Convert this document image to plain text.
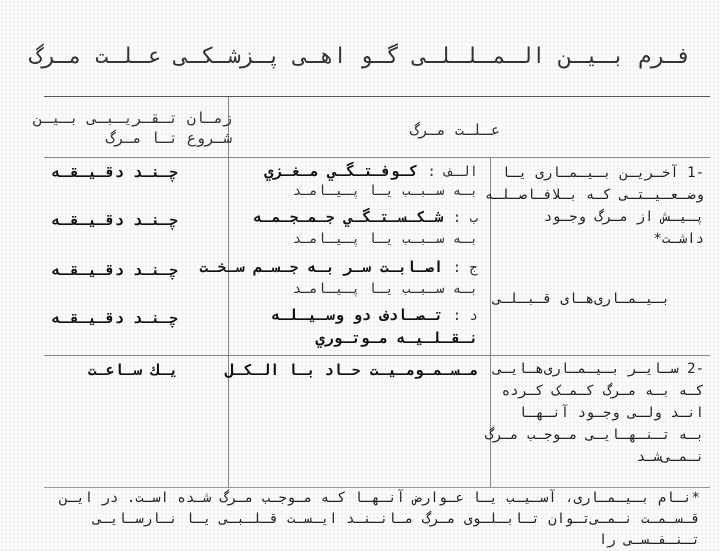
فـرم بـیـن الـمـلـلـی گـو اهـی پـزشـکـی عـلـت مـرگ
عـلـت مـرگ
زمـان تـقـریـبـی بـیـن
شـروع تـا مـرگ
-1 آخـریـن بـیـمـاری یـا
وضـعـیـتـی کـه بـلافـاصـلـه
پـیـش از مـرگ وجـود
داشـت*
بـیـمـاری‌هـای قـبـلـی
الـف : كـوفـتـگـي مـغـزي
بـه سـبـب یـا پـیـامـد
چـنـد دقـیـقـه
ب : شـكـسـتـگـي جـمـجـمـه
بـه سـبـب یـا پـیـامـد
چـنـد دقـیـقـه
ج : اصـابـت سـر بـه جـسـم سـخـت
بـه سـبـب یـا پـیـامـد
چـنـد دقـیـقـه
د : تـصـادف دو وسـیـلـه
نـقـلـیـه مـوتـوري
چـنـد دقـیـقـه
-2 سـایـر بـیـمـاری‌هـایـی
کـه بـه مـرگ کـمـک کـرده
انـد ولـی وجـود آنـهـا
بـه تـنـهـایـی مـوجـب مـرگ
نـمـی‌شـد
مـسـمـومـیـت حـاد بـا الـكـل
یـك سـاعـت
*نـام بـیـمـاری، آسـیـب یـا عـوارض آنـهـا کـه مـوجـب مـرگ شـده اسـت. در ایـن
قـسـمـت نـمـی‌تـوان تـابـلـوی مـرگ مـانـنـد ایـسـت قـلـبـی یـا نـارسـایـی تـنـفـسـی را
